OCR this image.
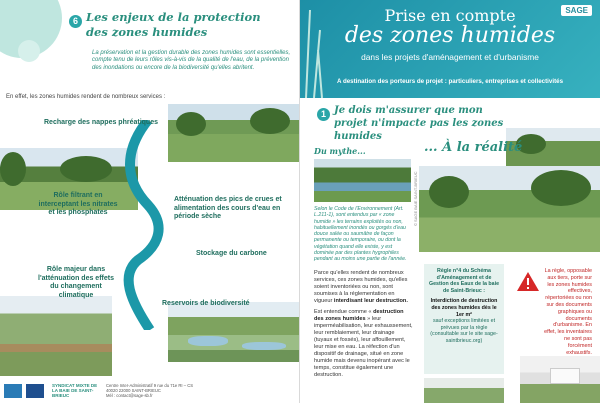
6 Les enjeux de la protection
des zones humides
La préservation et la gestion durable des zones humides sont essentielles, compte tenu de leurs rôles vis-à-vis de la qualité de l'eau, de la prévention des inondations ou encore de la biodiversité qu'elles abritent.
En effet, les zones humides rendent de nombreux services :
Recharge des nappes phréatiques
Rôle filtrant en interceptant les nitrates et les phosphates
Atténuation des pics de crues et alimentation des cours d'eau en période sèche
Stockage du carbone
Rôle majeur dans l'atténuation des effets du changement climatique
Reservoirs de biodiversité
SYNDICAT MIXTE DE LA BAIE DE SAINT-BRIEUC
Centre Inter-Administratif 9 rue du 71e RI – CS 40020 22000 SAINT-BRIEUC
Mél : contact@sage-sb.fr
SAGE
Prise en compte
des zones humides
dans les projets d'aménagement et d'urbanisme
A destination des porteurs de projet : particuliers, entreprises et collectivités
1 Je dois m'assurer que mon projet n'impacte pas les zones humides
Du mythe...	... À la réalité
Selon le Code de l'Environnement (Art. L.211-1), sont entendus par « zone humide » les terrains exploités ou non, habituellement inondés ou gorgés d'eau douce salée ou saumâtre de façon permanente ou temporaire, ou dont la végétation quand elle existe, y est dominée par des plantes hygrophiles pendant au moins une partie de l'année.
© SAGE BAIE SAINT-BRIEUC

Parce qu'elles rendent de nombreux services, ces zones humides, qu'elles soient inventoriées ou non, sont soumises à la réglementation en vigueur interdisant leur destruction.

Est entendue comme « destruction des zones humides » leur imperméabilisation, leur exhaussement, leur remblaiement, leur drainage (tuyaux et fossés), leur affouillement, leur mise en eau. La réfection d'un dispositif de drainage, situé en zone humide mais devenu inopérant avec le temps, constitue également une destruction.

Règle n°4 du Schéma d'Aménagement et de Gestion des Eaux de la baie de Saint-Brieuc :
Interdiction de destruction des zones humides dès le 1er m²
sauf exceptions limitées et prévues par la règle (consultable sur le site sage-saintbrieuc.org)
La règle, opposable aux tiers, porte sur les zones humides effectives, répertoriées ou non sur des documents graphiques ou documents d'urbanisme. En effet, les inventaires ne sont pas forcément exhaustifs.
